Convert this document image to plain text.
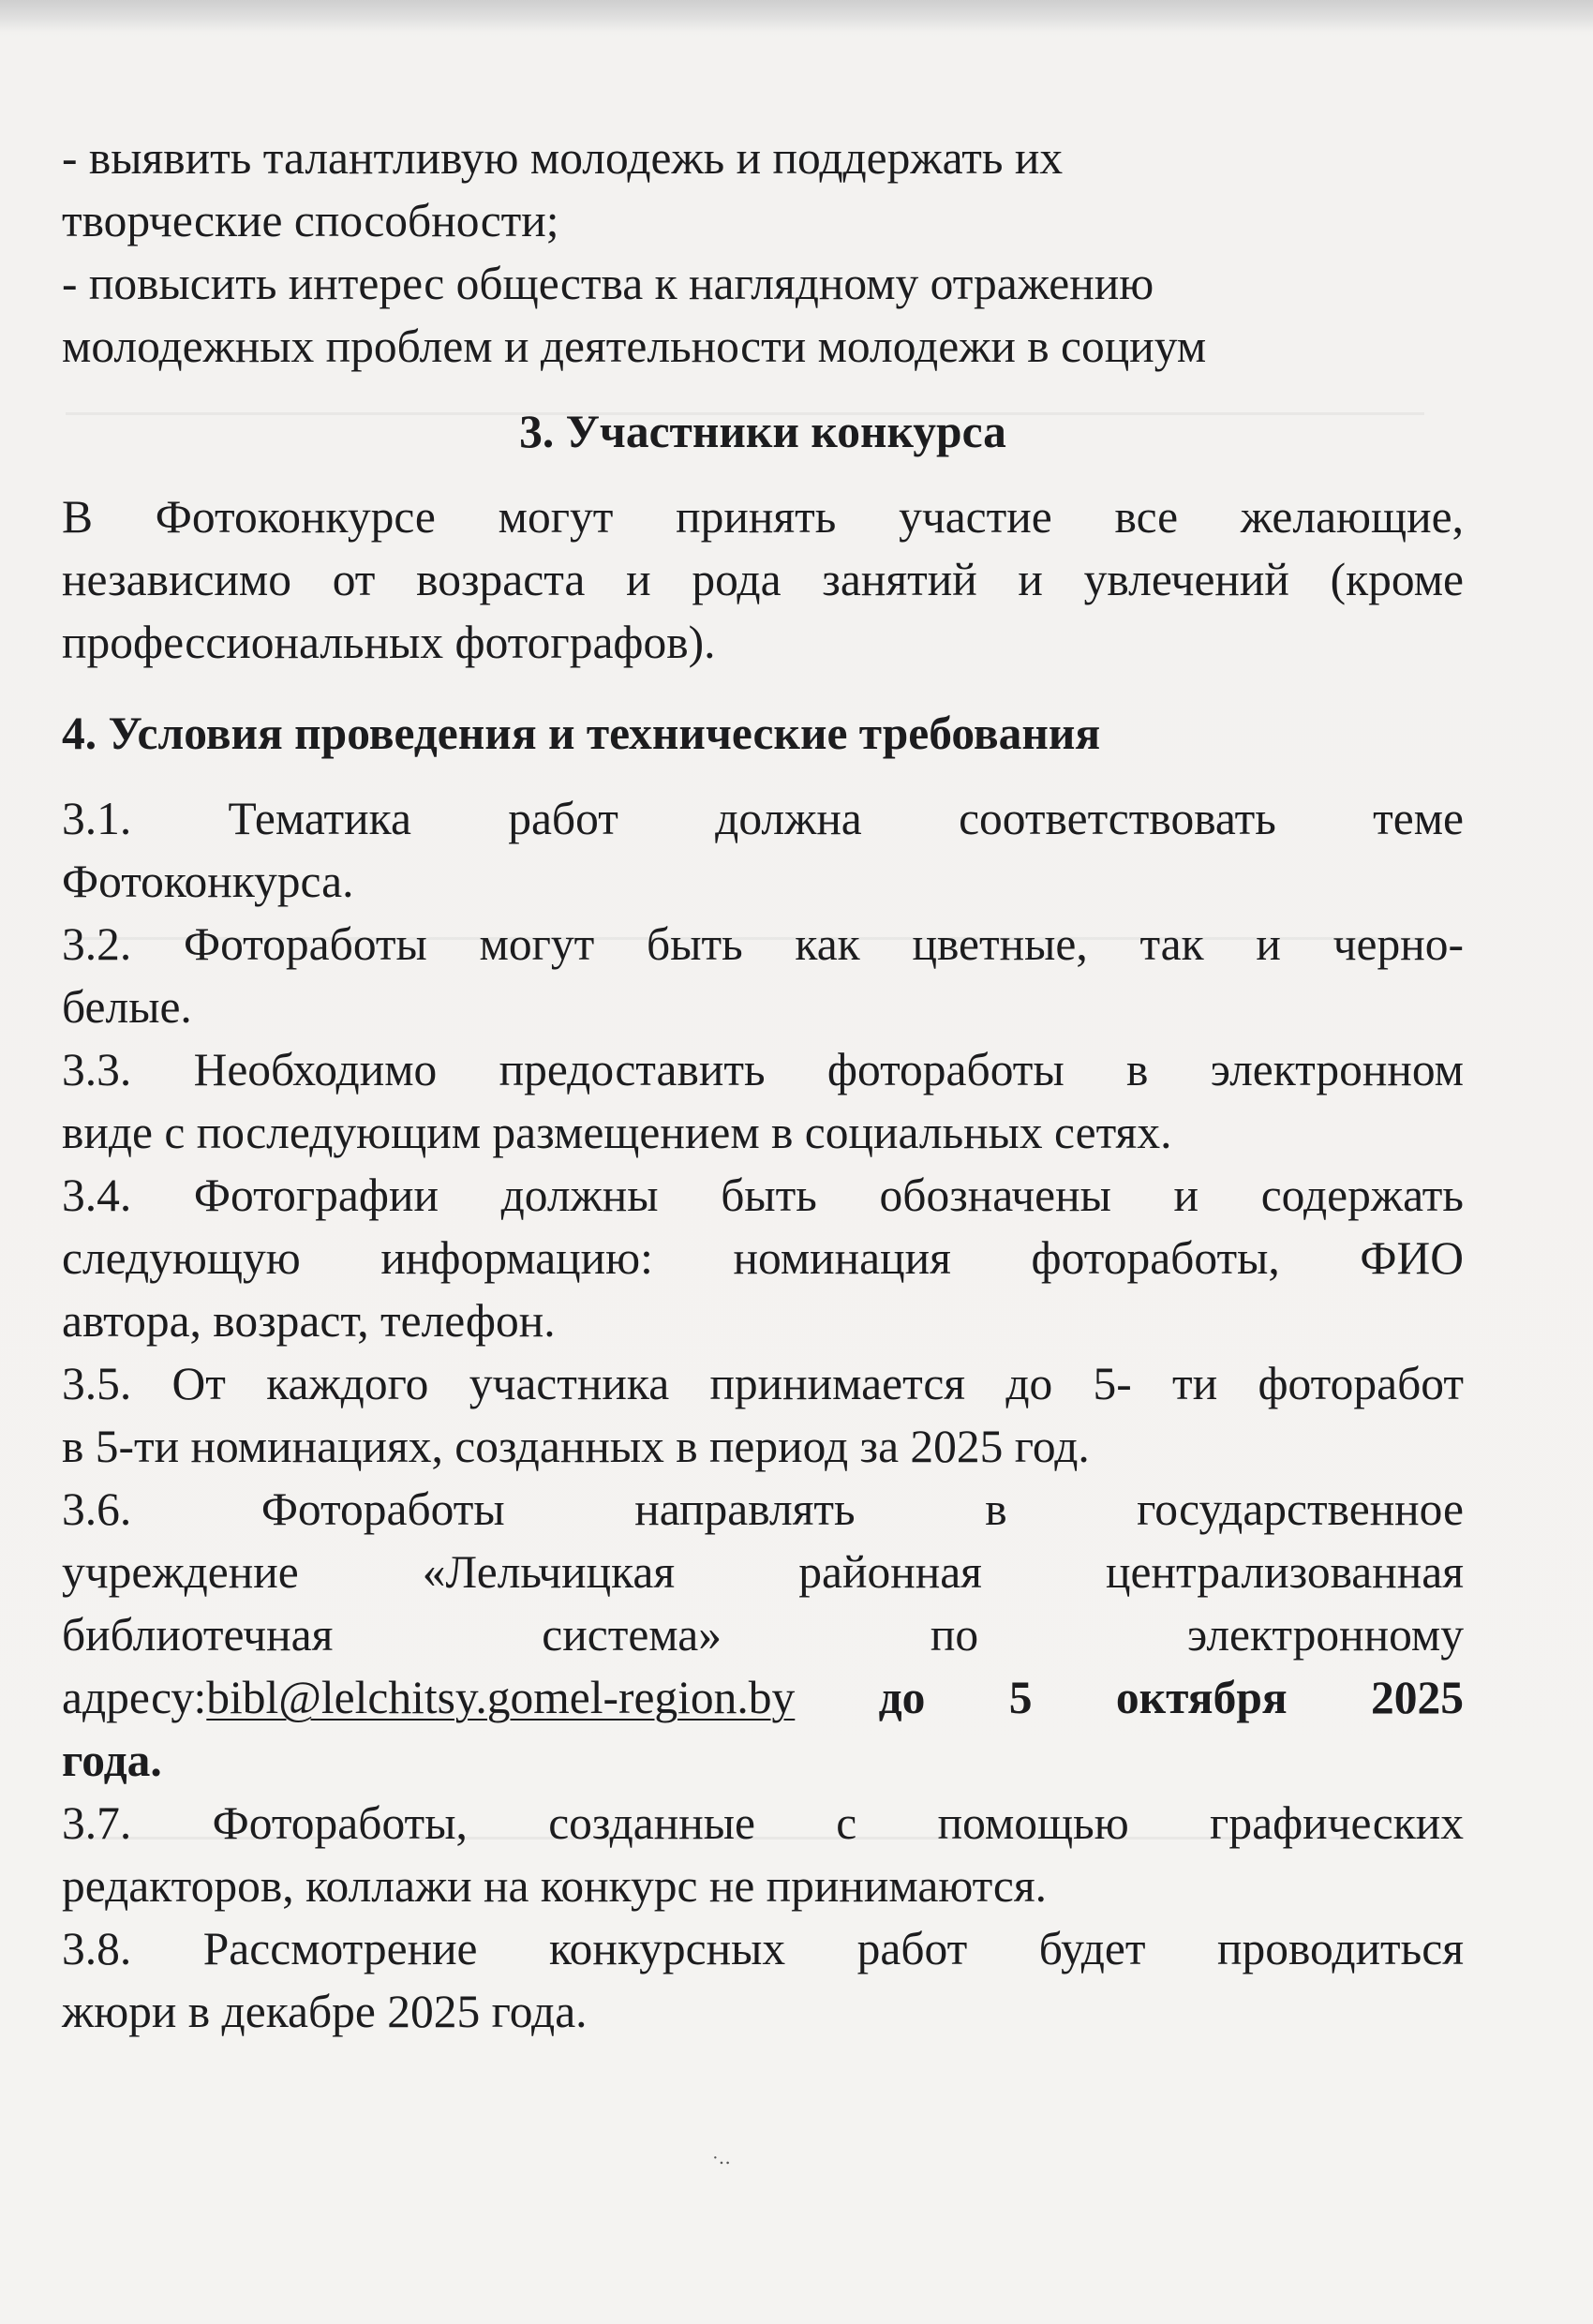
- выявить талантливую молодежь и поддержать их
творческие способности;
- повысить интерес общества к наглядному отражению
молодежных проблем и деятельности молодежи в социум
3. Участники конкурса
В Фотоконкурсе могут принять участие все желающие,
независимо от возраста и рода занятий и увлечений (кроме
профессиональных фотографов).
4. Условия проведения и технические требования
3.1. Тематика работ должна соответствовать теме
Фотоконкурса.
3.2. Фотоработы могут быть как цветные, так и черно-
белые.
3.3. Необходимо предоставить фотоработы в электронном
виде с последующим размещением в социальных сетях.
3.4. Фотографии должны быть обозначены и содержать
следующую информацию: номинация фотоработы, ФИО
автора, возраст, телефон.
3.5. От каждого участника принимается до 5- ти фоторабот
в 5-ти номинациях, созданных в период за 2025 год.
3.6. Фотоработы направлять в государственное
учреждение «Лельчицкая районная централизованная
библиотечная система» по электронному
адресу:bibl@lelchitsy.gomel-region.by до 5 октября 2025
года.
3.7. Фотоработы, созданные с помощью графических
редакторов, коллажи на конкурс не принимаются.
3.8. Рассмотрение конкурсных работ будет проводиться
жюри в декабре 2025 года.
·‥
